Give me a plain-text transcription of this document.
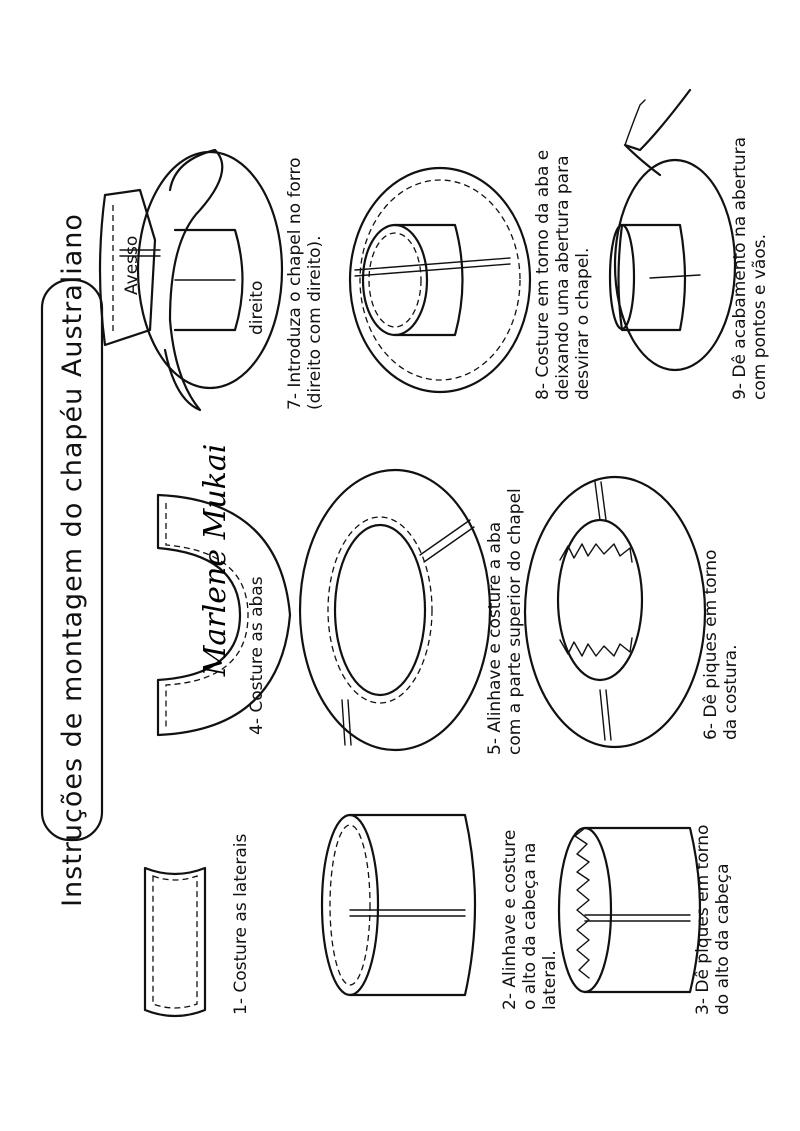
Instruções de montagem do chapéu Australiano
1- Costure as laterais	2- Alinhave e costure o alto da cabeça na lateral.	3- Dê piques em torno do alto da cabeça
4- Costure as abas
Marlene Mukai	5- Alinhave e costure a aba com a parte superior do chapel	6- Dê piques em torno da costura.
Avesso
direito 7- Introduza o chapel no forro (direito com direito).	8- Costure em torno da aba e deixando uma abertura para desvirar o chapel.	9- Dê acabamento na abertura com pontos e vãos.
